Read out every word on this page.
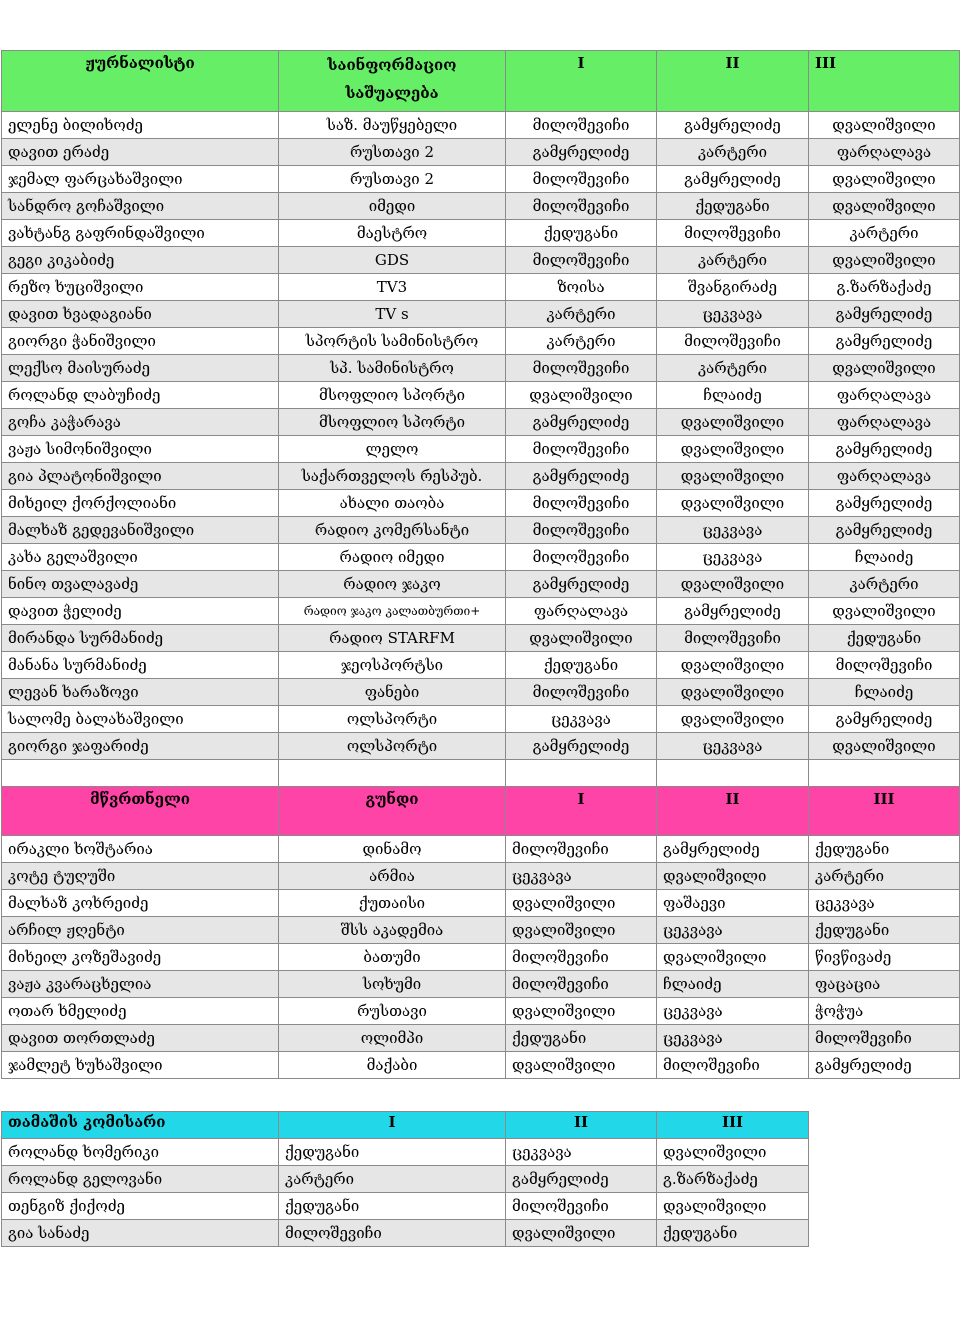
ჟურნალისტი	საინფორმაციო საშუალება	I	II	III
ელენე ბილიხოძე	საზ. მაუწყებელი	მილოშევიჩი	გამყრელიძე	დვალიშვილი
დავით ერაძე	რუსთავი 2	გამყრელიძე	კარტერი	ფარღალავა
ჯემალ ფარცახაშვილი	რუსთავი 2	მილოშევიჩი	გამყრელიძე	დვალიშვილი
სანდრო გოჩაშვილი	იმედი	მილოშევიჩი	ქედუგანი	დვალიშვილი
ვახტანგ გაფრინდაშვილი	მაესტრო	ქედუგანი	მილოშევიჩი	კარტერი
გეგი კიკაბიძე	GDS	მილოშევიჩი	კარტერი	დვალიშვილი
რეზო ხუციშვილი	TV3	ზოისა	შვანგირაძე	გ.ზარზაქაძე
დავით ხვადაგიანი	TV s	კარტერი	ცეკვავა	გამყრელიძე
გიორგი ჭანიშვილი	სპორტის სამინისტრო	კარტერი	მილოშევიჩი	გამყრელიძე
ლექსო მაისურაძე	სპ. სამინისტრო	მილოშევიჩი	კარტერი	დვალიშვილი
როლანდ ლაბუჩიძე	მსოფლიო სპორტი	დვალიშვილი	ჩლაიძე	ფარღალავა
გოჩა კაჭარავა	მსოფლიო სპორტი	გამყრელიძე	დვალიშვილი	ფარღალავა
ვაჟა სიმონიშვილი	ლელო	მილოშევიჩი	დვალიშვილი	გამყრელიძე
გია პლატონიშვილი	საქართველოს რესპუბ.	გამყრელიძე	დვალიშვილი	ფარღალავა
მიხეილ ქორქოლიანი	ახალი თაობა	მილოშევიჩი	დვალიშვილი	გამყრელიძე
მალხაზ გედევანიშვილი	რადიო კომერსანტი	მილოშევიჩი	ცეკვავა	გამყრელიძე
კახა გელაშვილი	რადიო იმედი	მილოშევიჩი	ცეკვავა	ჩლაიძე
ნინო თვალავაძე	რადიო ჯაკო	გამყრელიძე	დვალიშვილი	კარტერი
დავით ჭელიძე	რადიო ჯაკო კალათბურთი+	ფარღალავა	გამყრელიძე	დვალიშვილი
მირანდა სურმანიძე	რადიო STARFM	დვალიშვილი	მილოშევიჩი	ქედუგანი
მანანა სურმანიძე	ჯეოსპორტსი	ქედუგანი	დვალიშვილი	მილოშევიჩი
ლევან ხარაზოვი	ფანები	მილოშევიჩი	დვალიშვილი	ჩლაიძე
სალომე ბალახაშვილი	ოლსპორტი	ცეკვავა	დვალიშვილი	გამყრელიძე
გიორგი ჯაფარიძე	ოლსპორტი	გამყრელიძე	ცეკვავა	დვალიშვილი

მწვრთნელი	გუნდი	I	II	III
ირაკლი ხოშტარია	დინამო	მილოშევიჩი	გამყრელიძე	ქედუგანი
კოტე ტუღუში	არმია	ცეკვავა	დვალიშვილი	კარტერი
მალხაზ კოხრეიძე	ქუთაისი	დვალიშვილი	ფაშაევი	ცეკვავა
არჩილ ჟღენტი	შსს აკადემია	დვალიშვილი	ცეკვავა	ქედუგანი
მიხეილ კოზეშავიძე	ბათუმი	მილოშევიჩი	დვალიშვილი	წივწივაძე
ვაჟა კვარაცხელია	სოხუმი	მილოშევიჩი	ჩლაიძე	ფაცაცია
ოთარ ხმელიძე	რუსთავი	დვალიშვილი	ცეკვავა	ჭოჭუა
დავით თორთლაძე	ოლიმპი	ქედუგანი	ცეკვავა	მილოშევიჩი
ჯამლეტ ხუხაშვილი	მაქაბი	დვალიშვილი	მილოშევიჩი	გამყრელიძე
თამაშის კომისარი	I	II	III
როლანდ ხომერიკი	ქედუგანი	ცეკვავა	დვალიშვილი
როლანდ გელოვანი	კარტერი	გამყრელიძე	გ.ზარზაქაძე
თენგიზ ქიქოძე	ქედუგანი	მილოშევიჩი	დვალიშვილი
გია სანაძე	მილოშევიჩი	დვალიშვილი	ქედუგანი
